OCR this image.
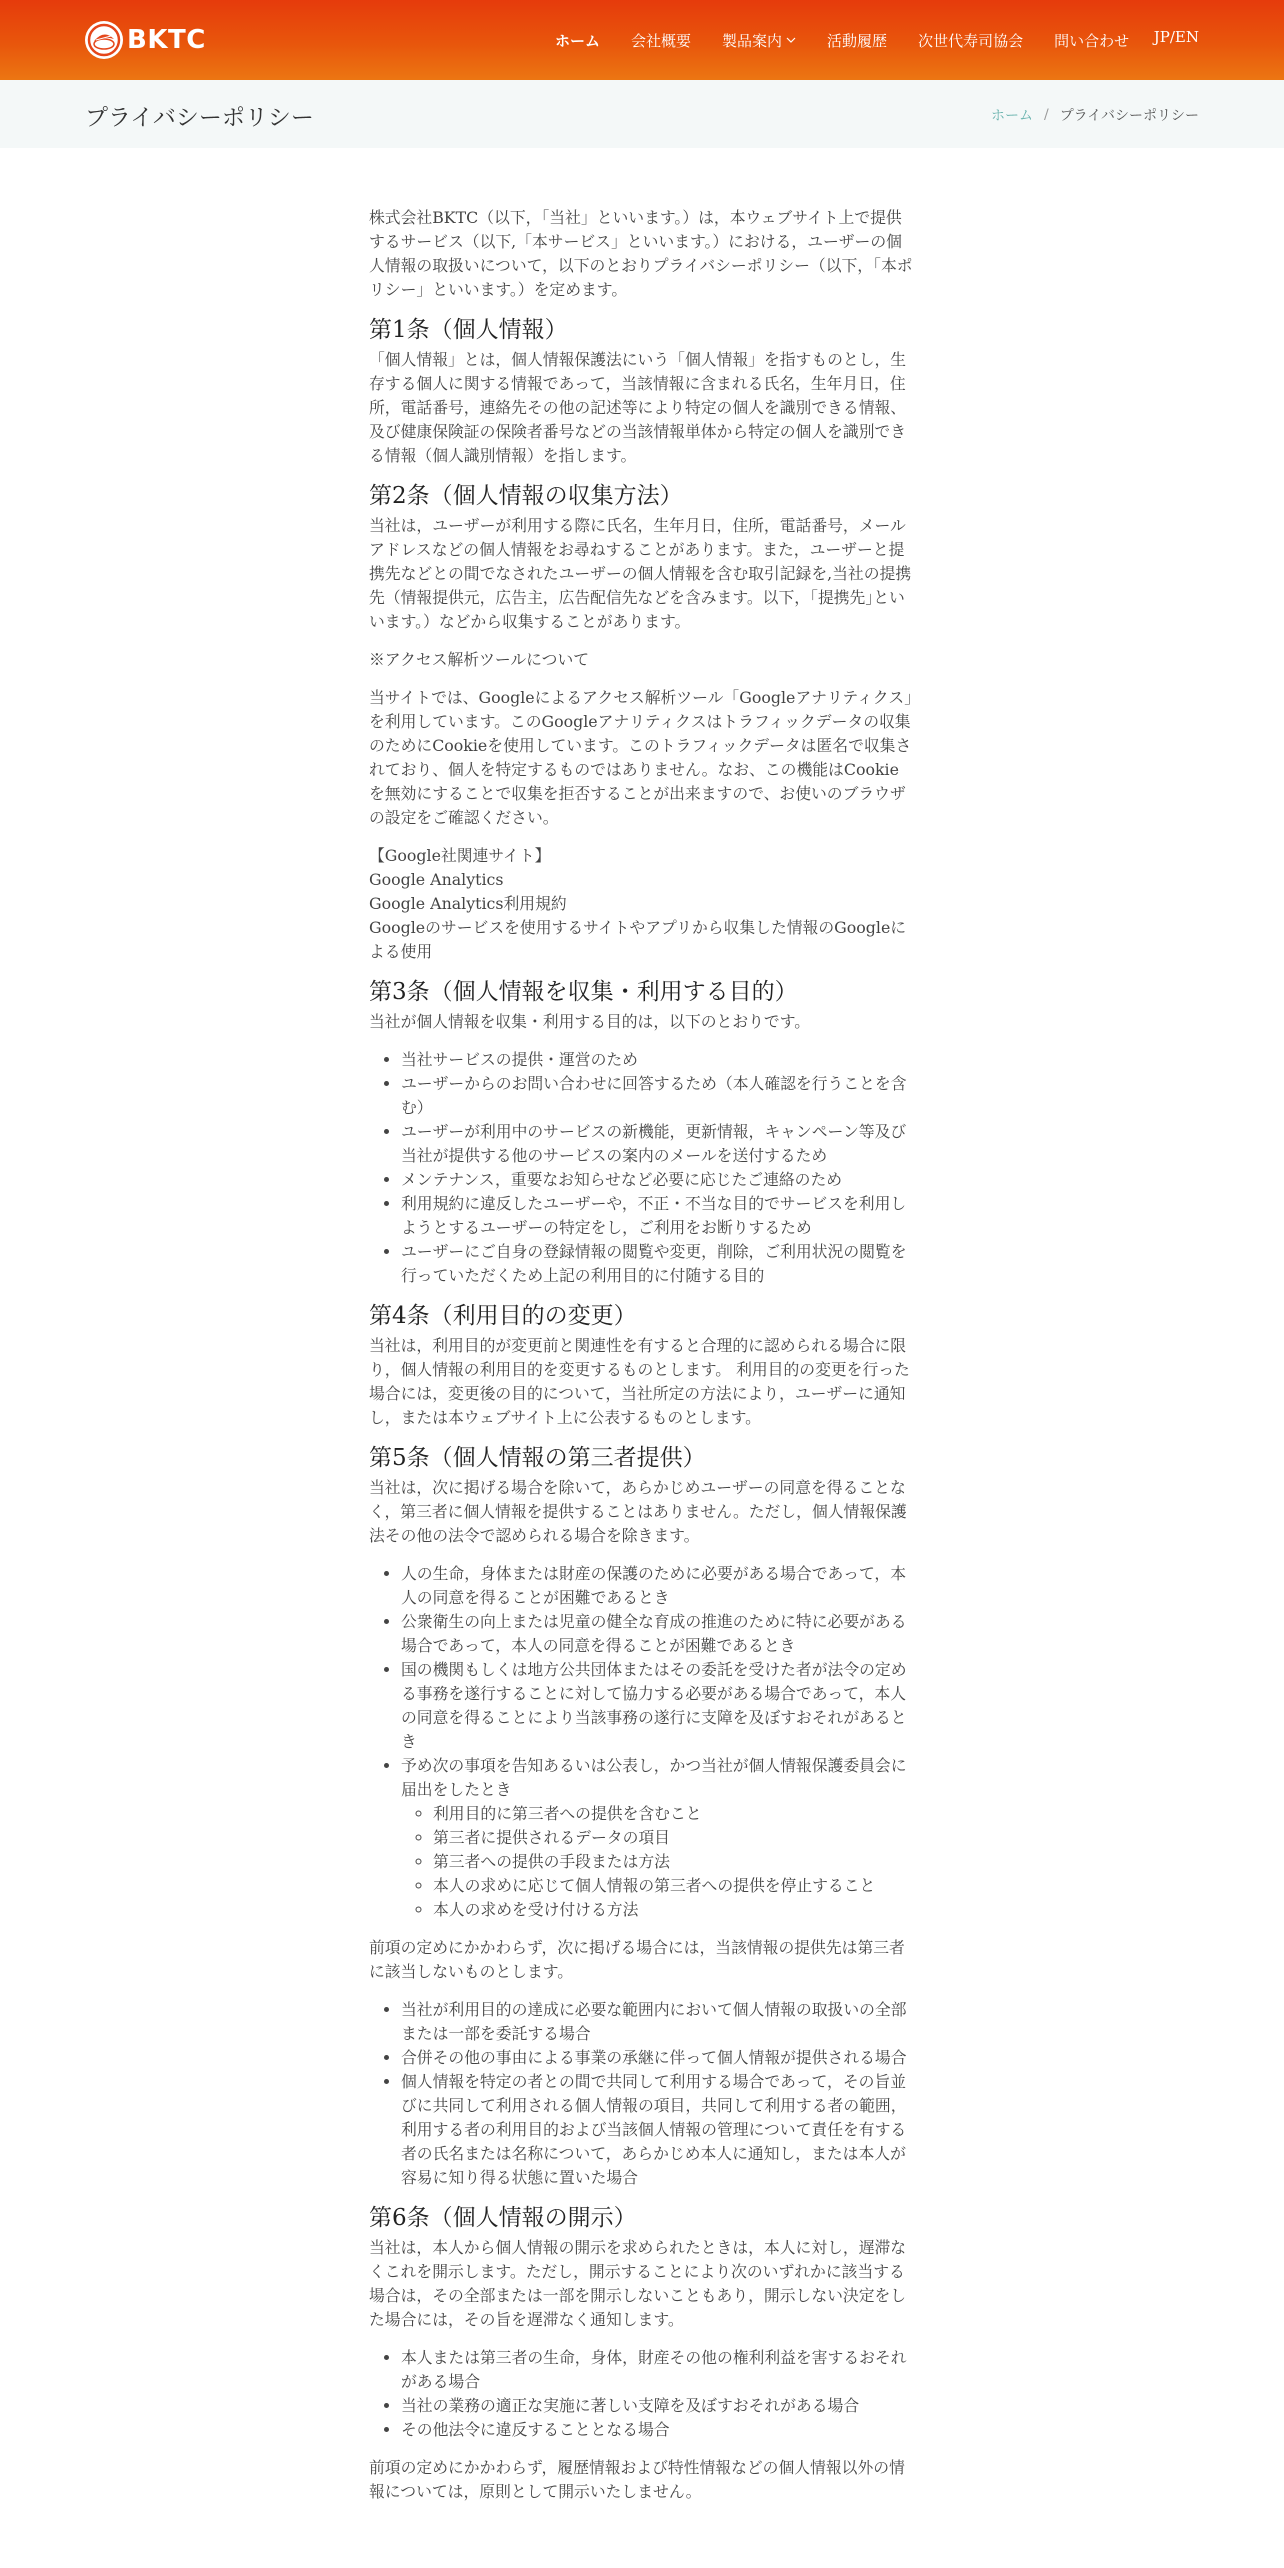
BKTC	ホーム 会社概要 製品案内	活動履歴 次世代寿司協会 問い合わせ JP/EN
プライバシーポリシー	ホーム / プライバシーポリシー

株式会社BKTC（以下，「当社」といいます。）は，本ウェブサイト上で提供するサービス（以下,「本サービス」といいます。）における，ユーザーの個人情報の取扱いについて，以下のとおりプライバシーポリシー（以下，「本ポリシー」といいます。）を定めます。

第1条（個人情報）

「個人情報」とは，個人情報保護法にいう「個人情報」を指すものとし，生存する個人に関する情報であって，当該情報に含まれる氏名，生年月日，住所，電話番号，連絡先その他の記述等により特定の個人を識別できる情報、及び健康保険証の保険者番号などの当該情報単体から特定の個人を識別できる情報（個人識別情報）を指します。

第2条（個人情報の収集方法）

当社は，ユーザーが利用する際に氏名，生年月日，住所，電話番号，メールアドレスなどの個人情報をお尋ねすることがあります。また，ユーザーと提携先などとの間でなされたユーザーの個人情報を含む取引記録を,当社の提携先（情報提供元，広告主，広告配信先などを含みます。以下，｢提携先｣といいます。）などから収集することがあります。

※アクセス解析ツールについて

当サイトでは、Googleによるアクセス解析ツール「Googleアナリティクス」を利用しています。このGoogleアナリティクスはトラフィックデータの収集のためにCookieを使用しています。このトラフィックデータは匿名で収集されており、個人を特定するものではありません。なお、この機能はCookieを無効にすることで収集を拒否することが出来ますので、お使いのブラウザの設定をご確認ください。

【Google社関連サイト】
Google Analytics
Google Analytics利用規約
Googleのサービスを使用するサイトやアプリから収集した情報のGoogleによる使用
第3条（個人情報を収集・利用する目的）

当社が個人情報を収集・利用する目的は，以下のとおりです。

• 当社サービスの提供・運営のため
• ユーザーからのお問い合わせに回答するため（本人確認を行うことを含む）
• ユーザーが利用中のサービスの新機能，更新情報，キャンペーン等及び当社が提供する他のサービスの案内のメールを送付するため
• メンテナンス，重要なお知らせなど必要に応じたご連絡のため
• 利用規約に違反したユーザーや，不正・不当な目的でサービスを利用しようとするユーザーの特定をし，ご利用をお断りするため
• ユーザーにご自身の登録情報の閲覧や変更，削除，ご利用状況の閲覧を行っていただくため上記の利用目的に付随する目的
第4条（利用目的の変更）

当社は，利用目的が変更前と関連性を有すると合理的に認められる場合に限り，個人情報の利用目的を変更するものとします。 利用目的の変更を行った場合には，変更後の目的について，当社所定の方法により，ユーザーに通知し，または本ウェブサイト上に公表するものとします。

第5条（個人情報の第三者提供）

当社は，次に掲げる場合を除いて，あらかじめユーザーの同意を得ることなく，第三者に個人情報を提供することはありません。ただし，個人情報保護法その他の法令で認められる場合を除きます。

• 人の生命，身体または財産の保護のために必要がある場合であって，本人の同意を得ることが困難であるとき
• 公衆衛生の向上または児童の健全な育成の推進のために特に必要がある場合であって，本人の同意を得ることが困難であるとき
• 国の機関もしくは地方公共団体またはその委託を受けた者が法令の定める事務を遂行することに対して協力する必要がある場合であって，本人の同意を得ることにより当該事務の遂行に支障を及ぼすおそれがあるとき
• 予め次の事項を告知あるいは公表し，かつ当社が個人情報保護委員会に届出をしたとき
◦ 利用目的に第三者への提供を含むこと
◦ 第三者に提供されるデータの項目
◦ 第三者への提供の手段または方法
◦ 本人の求めに応じて個人情報の第三者への提供を停止すること
◦ 本人の求めを受け付ける方法

前項の定めにかかわらず，次に掲げる場合には，当該情報の提供先は第三者に該当しないものとします。

• 当社が利用目的の達成に必要な範囲内において個人情報の取扱いの全部または一部を委託する場合
• 合併その他の事由による事業の承継に伴って個人情報が提供される場合
• 個人情報を特定の者との間で共同して利用する場合であって，その旨並びに共同して利用される個人情報の項目，共同して利用する者の範囲，利用する者の利用目的および当該個人情報の管理について責任を有する者の氏名または名称について，あらかじめ本人に通知し，または本人が容易に知り得る状態に置いた場合
第6条（個人情報の開示）

当社は，本人から個人情報の開示を求められたときは，本人に対し，遅滞なくこれを開示します。ただし，開示することにより次のいずれかに該当する場合は，その全部または一部を開示しないこともあり，開示しない決定をした場合には，その旨を遅滞なく通知します。

• 本人または第三者の生命，身体，財産その他の権利利益を害するおそれがある場合
• 当社の業務の適正な実施に著しい支障を及ぼすおそれがある場合
• その他法令に違反することとなる場合

前項の定めにかかわらず，履歴情報および特性情報などの個人情報以外の情報については，原則として開示いたしません。
